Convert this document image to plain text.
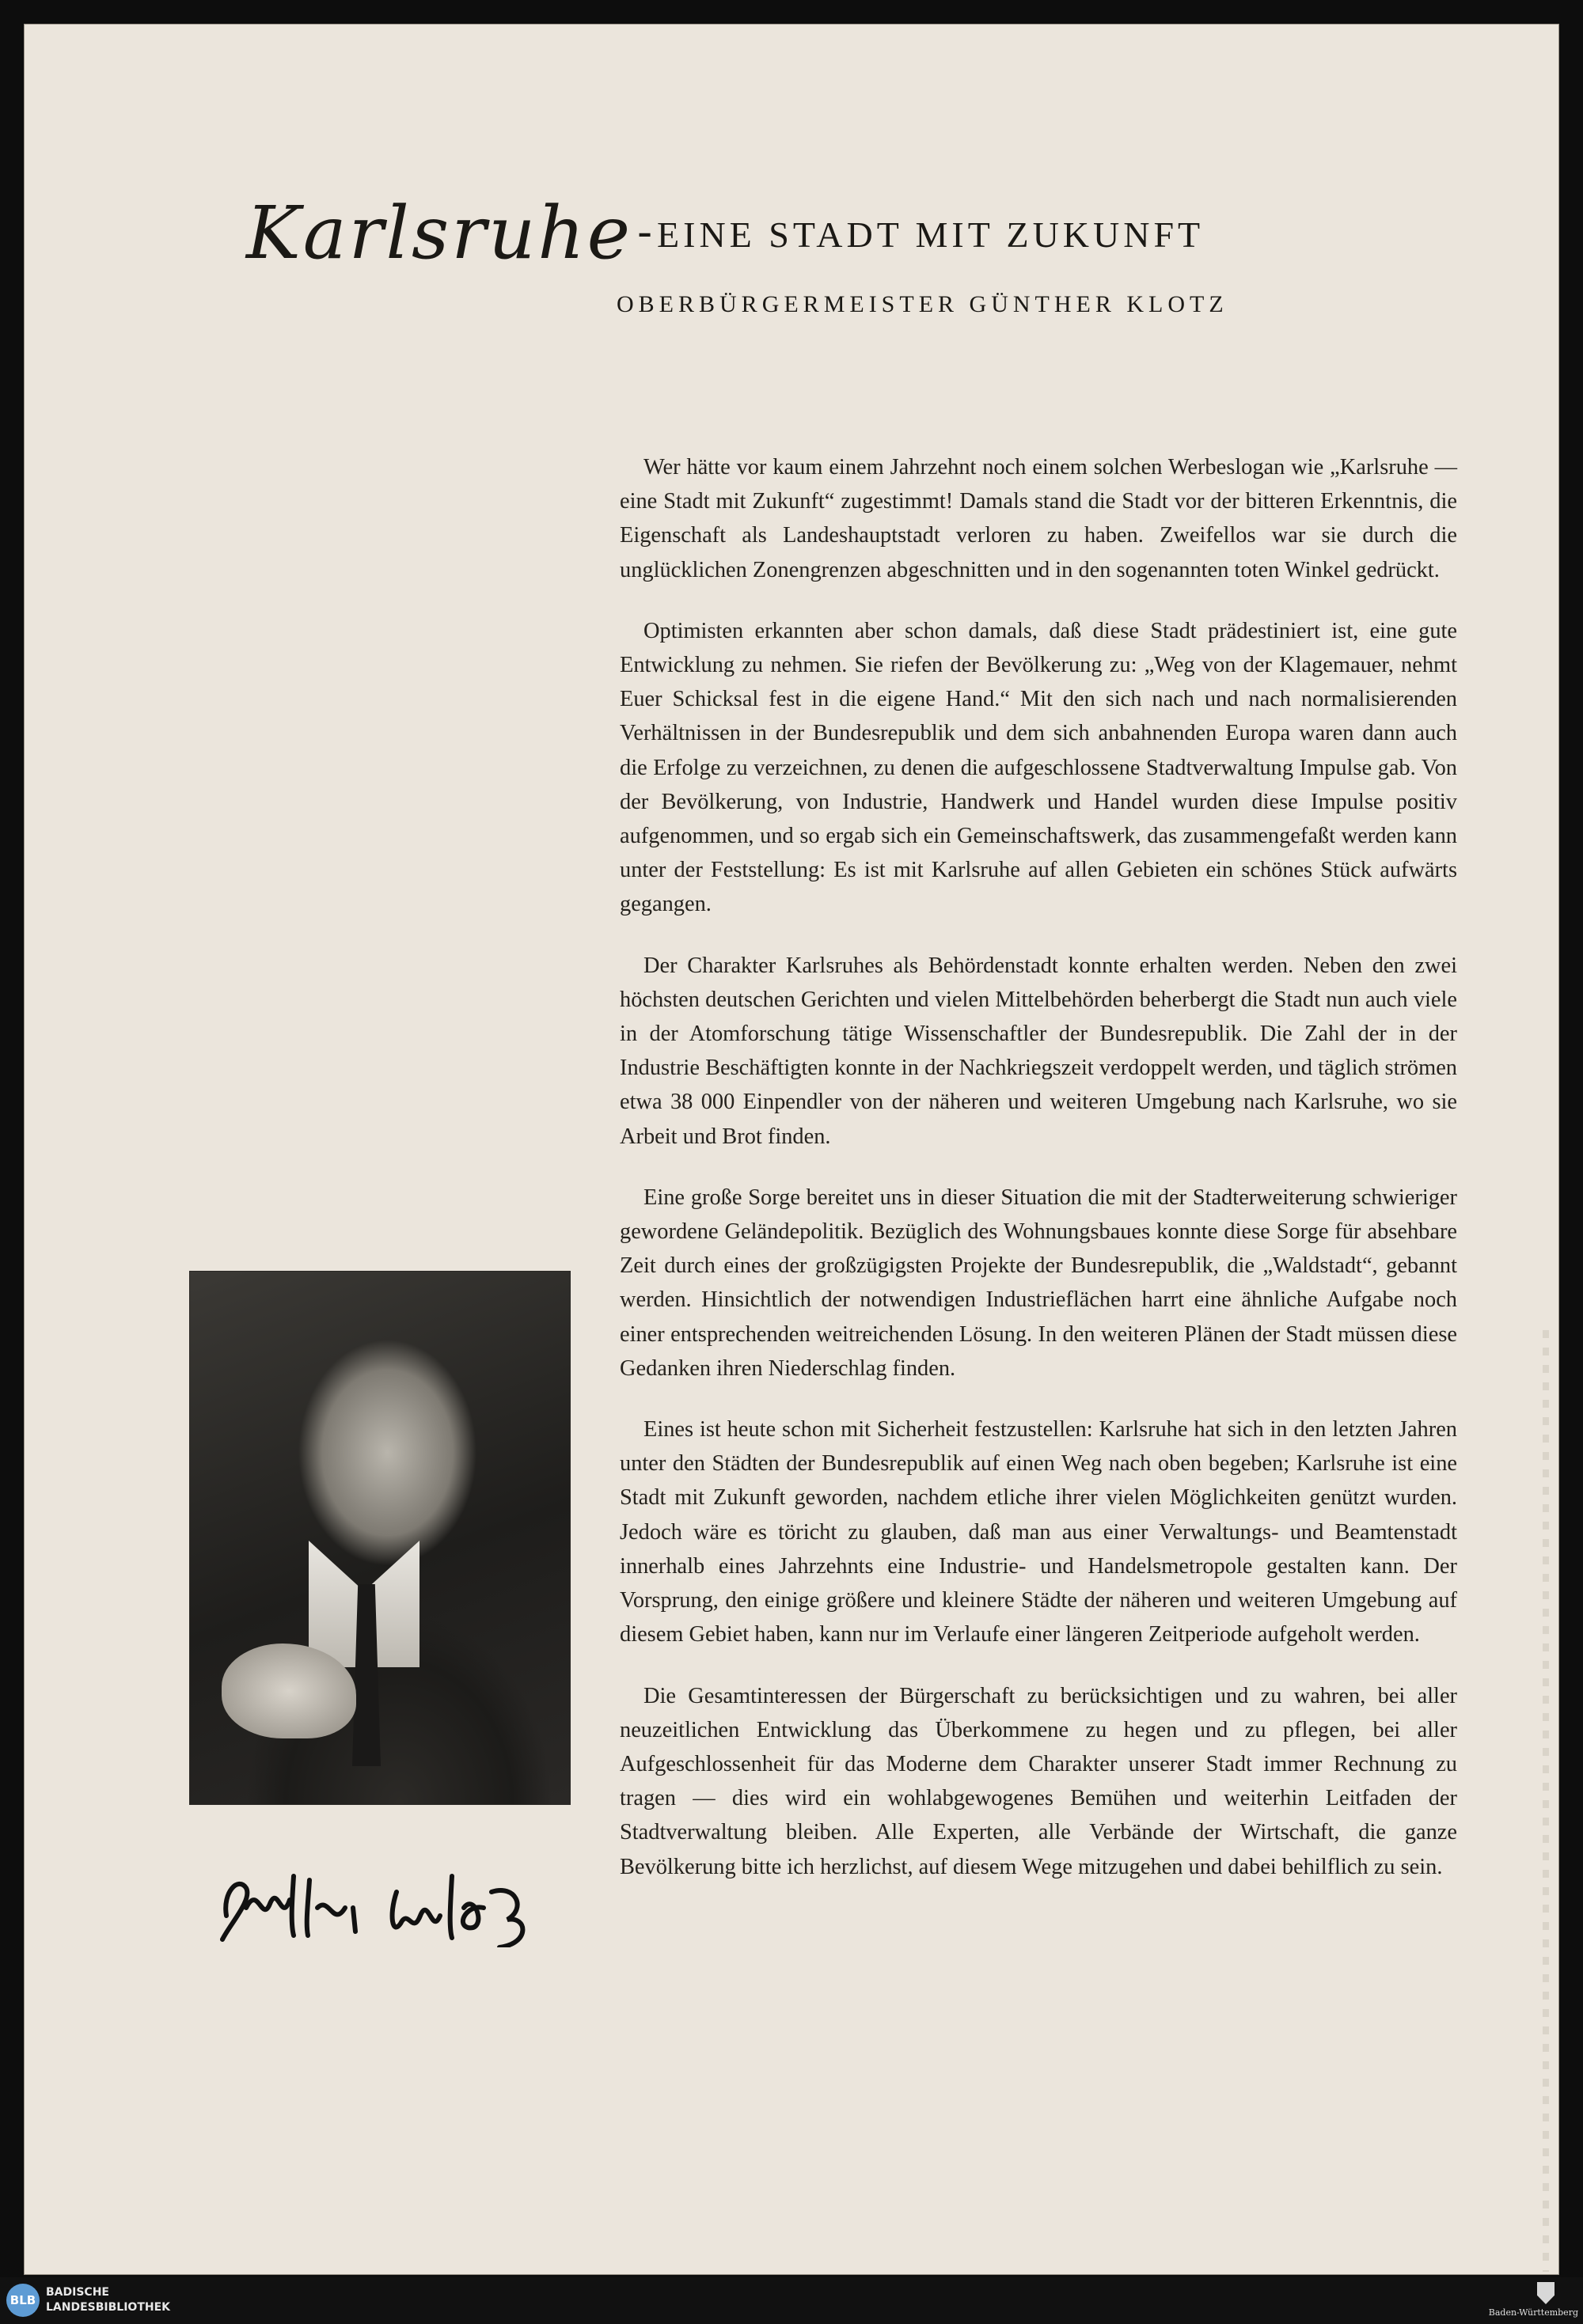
Karlsruhe - EINE STADT MIT ZUKUNFT
OBERBÜRGERMEISTER GÜNTHER KLOTZ

Wer hätte vor kaum einem Jahrzehnt noch einem solchen Werbeslogan wie „Karlsruhe — eine Stadt mit Zukunft“ zugestimmt! Damals stand die Stadt vor der bitteren Erkenntnis, die Eigenschaft als Landeshauptstadt verloren zu haben. Zweifellos war sie durch die unglücklichen Zonengrenzen abgeschnitten und in den sogenannten toten Winkel gedrückt.

Optimisten erkannten aber schon damals, daß diese Stadt prädestiniert ist, eine gute Entwicklung zu nehmen. Sie riefen der Bevölkerung zu: „Weg von der Klagemauer, nehmt Euer Schicksal fest in die eigene Hand.“ Mit den sich nach und nach normalisierenden Verhältnissen in der Bundesrepublik und dem sich anbahnenden Europa waren dann auch die Erfolge zu verzeichnen, zu denen die aufgeschlossene Stadtverwaltung Impulse gab. Von der Bevölkerung, von Industrie, Handwerk und Handel wurden diese Impulse positiv aufgenommen, und so ergab sich ein Gemeinschaftswerk, das zusammengefaßt werden kann unter der Feststellung: Es ist mit Karlsruhe auf allen Gebieten ein schönes Stück aufwärts gegangen.

Der Charakter Karlsruhes als Behördenstadt konnte erhalten werden. Neben den zwei höchsten deutschen Gerichten und vielen Mittelbehörden beherbergt die Stadt nun auch viele in der Atomforschung tätige Wissenschaftler der Bundesrepublik. Die Zahl der in der Industrie Beschäftigten konnte in der Nachkriegszeit verdoppelt werden, und täglich strömen etwa 38 000 Einpendler von der näheren und weiteren Umgebung nach Karlsruhe, wo sie Arbeit und Brot finden.

Eine große Sorge bereitet uns in dieser Situation die mit der Stadterweiterung schwieriger gewordene Geländepolitik. Bezüglich des Wohnungsbaues konnte diese Sorge für absehbare Zeit durch eines der großzügigsten Projekte der Bundesrepublik, die „Waldstadt“, gebannt werden. Hinsichtlich der notwendigen Industrieflächen harrt eine ähnliche Aufgabe noch einer entsprechenden weitreichenden Lösung. In den weiteren Plänen der Stadt müssen diese Gedanken ihren Niederschlag finden.

Eines ist heute schon mit Sicherheit festzustellen: Karlsruhe hat sich in den letzten Jahren unter den Städten der Bundesrepublik auf einen Weg nach oben begeben; Karlsruhe ist eine Stadt mit Zukunft geworden, nachdem etliche ihrer vielen Möglichkeiten genützt wurden. Jedoch wäre es töricht zu glauben, daß man aus einer Verwaltungs- und Beamtenstadt innerhalb eines Jahrzehnts eine Industrie- und Handelsmetropole gestalten kann. Der Vorsprung, den einige größere und kleinere Städte der näheren und weiteren Umgebung auf diesem Gebiet haben, kann nur im Verlaufe einer längeren Zeitperiode aufgeholt werden.

Die Gesamtinteressen der Bürgerschaft zu berücksichtigen und zu wahren, bei aller neuzeitlichen Entwicklung das Überkommene zu hegen und zu pflegen, bei aller Aufgeschlossenheit für das Moderne dem Charakter unserer Stadt immer Rechnung zu tragen — dies wird ein wohlabgewogenes Bemühen und weiterhin Leitfaden der Stadtverwaltung bleiben. Alle Experten, alle Verbände der Wirtschaft, die ganze Bevölkerung bitte ich herzlichst, auf diesem Wege mitzugehen und dabei behilflich zu sein.

BLB
BADISCHE
LANDESBIBLIOTHEK	Baden-Württemberg
